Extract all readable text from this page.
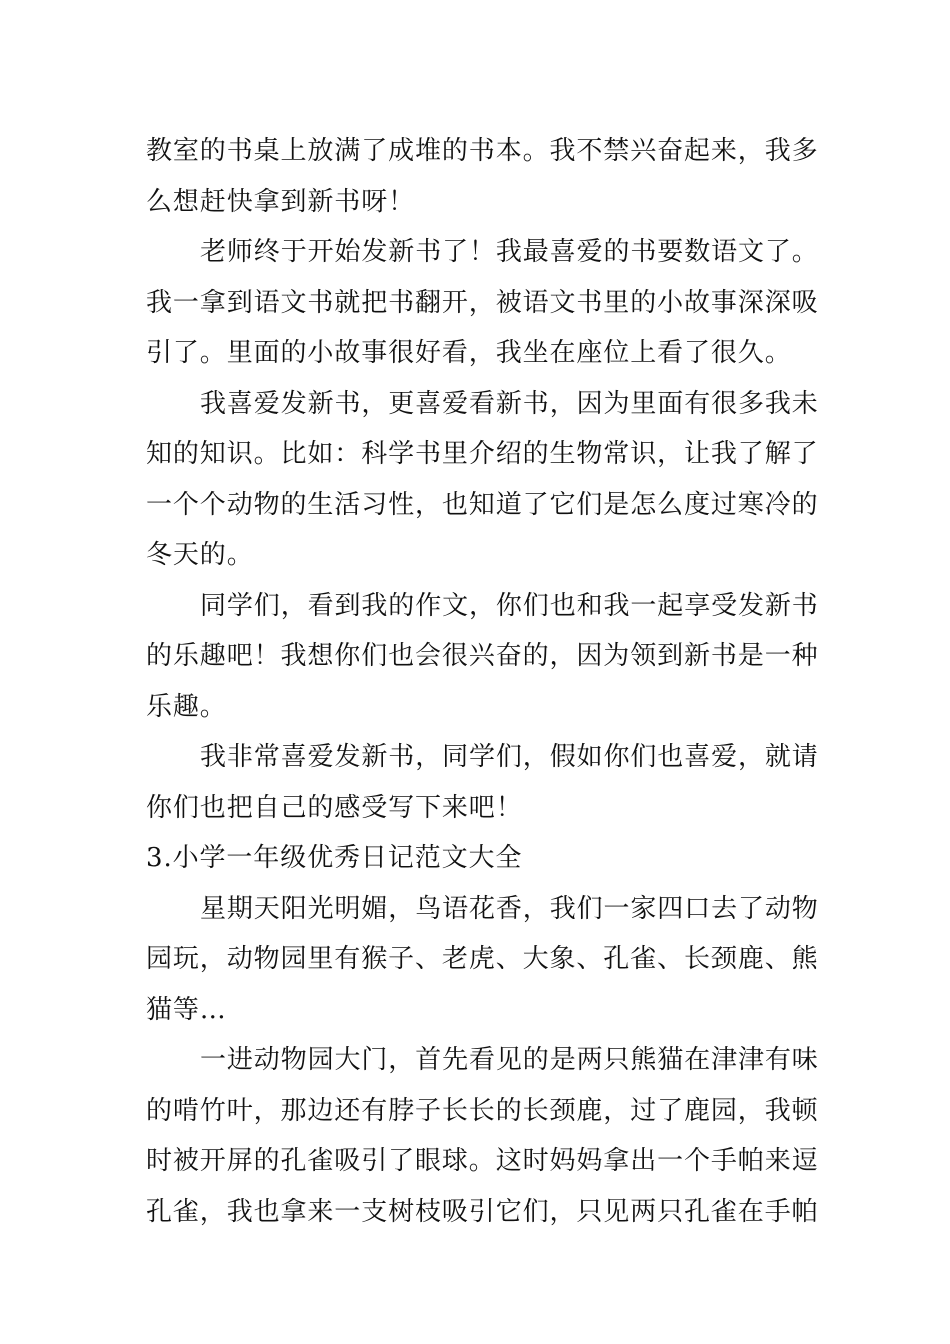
教室的书桌上放满了成堆的书本。我不禁兴奋起来，我多
么想赶快拿到新书呀！
老师终于开始发新书了！我最喜爱的书要数语文了。
我一拿到语文书就把书翻开，被语文书里的小故事深深吸
引了。里面的小故事很好看，我坐在座位上看了很久。
我喜爱发新书，更喜爱看新书，因为里面有很多我未
知的知识。比如：科学书里介绍的生物常识，让我了解了
一个个动物的生活习性，也知道了它们是怎么度过寒冷的
冬天的。
同学们，看到我的作文，你们也和我一起享受发新书
的乐趣吧！我想你们也会很兴奋的，因为领到新书是一种
乐趣。
我非常喜爱发新书，同学们，假如你们也喜爱，就请
你们也把自己的感受写下来吧！
3.小学一年级优秀日记范文大全
星期天阳光明媚，鸟语花香，我们一家四口去了动物
园玩，动物园里有猴子、老虎、大象、孔雀、长颈鹿、熊
猫等…
一进动物园大门，首先看见的是两只熊猫在津津有味
的啃竹叶，那边还有脖子长长的长颈鹿，过了鹿园，我顿
时被开屏的孔雀吸引了眼球。这时妈妈拿出一个手帕来逗
孔雀，我也拿来一支树枝吸引它们，只见两只孔雀在手帕
